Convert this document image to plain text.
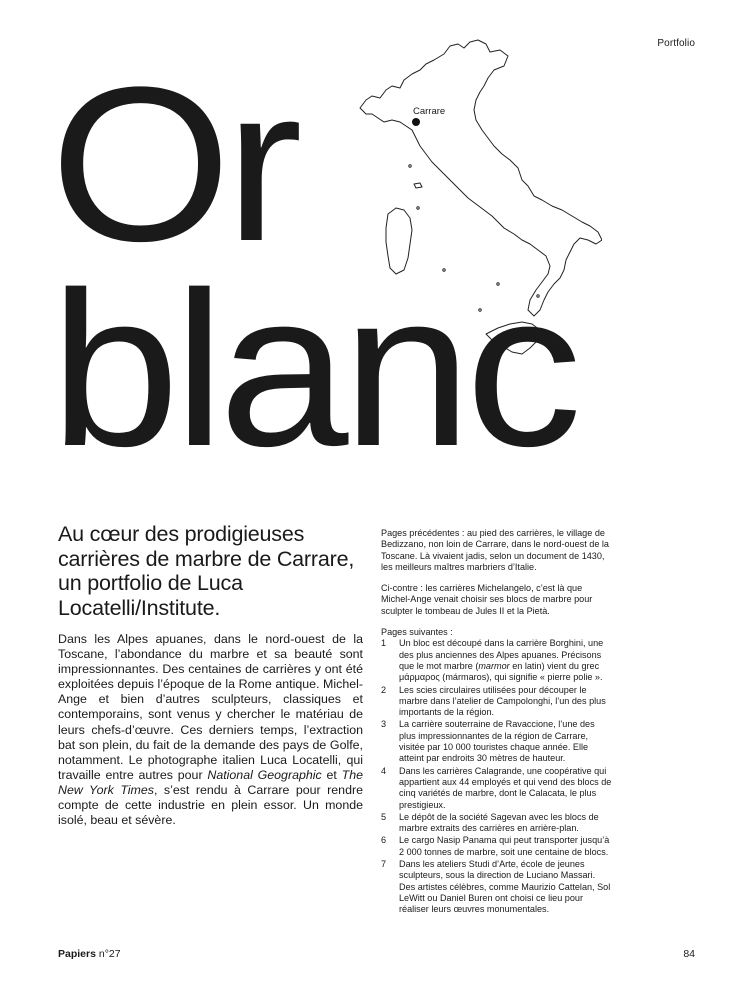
Portfolio
Carrare
Or
blanc

Au cœur des prodigieuses carrières de marbre de Carrare, un portfolio de Luca Locatelli/Institute.

Dans les Alpes apuanes, dans le nord-ouest de la Toscane, l’abondance du marbre et sa beauté sont impressionnantes. Des centaines de carrières y ont été exploitées depuis l’époque de la Rome antique. Michel-Ange et bien d’autres sculpteurs, classiques et contemporains, sont venus y chercher le matériau de leurs chefs-d’œuvre. Ces derniers temps, l’extraction bat son plein, du fait de la demande des pays de Golfe, notamment. Le photographe italien Luca Locatelli, qui travaille entre autres pour National Geographic et The New York Times, s’est rendu à Carrare pour rendre compte de cette industrie en plein essor. Un monde isolé, beau et sévère.

Pages précédentes : au pied des carrières, le village de Bedizzano, non loin de Carrare, dans le nord-ouest de la Toscane. Là vivaient jadis, selon un document de 1430, les meilleurs maîtres marbriers d’Italie.

Ci-contre : les carrières Michelangelo, c’est là que Michel-Ange venait choisir ses blocs de marbre pour sculpter le tombeau de Jules II et la Pietà.

Pages suivantes :

1 Un bloc est découpé dans la carrière Borghini, une des plus anciennes des Alpes apuanes. Précisons que le mot marbre (marmor en latin) vient du grec μάρμαρος (mármaros), qui signifie « pierre polie ».
2 Les scies circulaires utilisées pour découper le marbre dans l’atelier de Campolonghi, l’un des plus importants de la région.
3 La carrière souterraine de Ravaccione, l’une des plus impressionnantes de la région de Carrare, visitée par 10 000 touristes chaque année. Elle atteint par endroits 30 mètres de hauteur.
4 Dans les carrières Calagrande, une coopérative qui appartient aux 44 employés et qui vend des blocs de cinq variétés de marbre, dont le Calacata, le plus prestigieux.
5 Le dépôt de la société Sagevan avec les blocs de marbre extraits des carrières en arrière-plan.
6 Le cargo Nasip Panama qui peut transporter jusqu’à 2 000 tonnes de marbre, soit une centaine de blocs.
7 Dans les ateliers Studi d’Arte, école de jeunes sculpteurs, sous la direction de Luciano Massari. Des artistes célèbres, comme Maurizio Cattelan, Sol LeWitt ou Daniel Buren ont choisi ce lieu pour réaliser leurs œuvres monumentales.
Papiers n°27	84
